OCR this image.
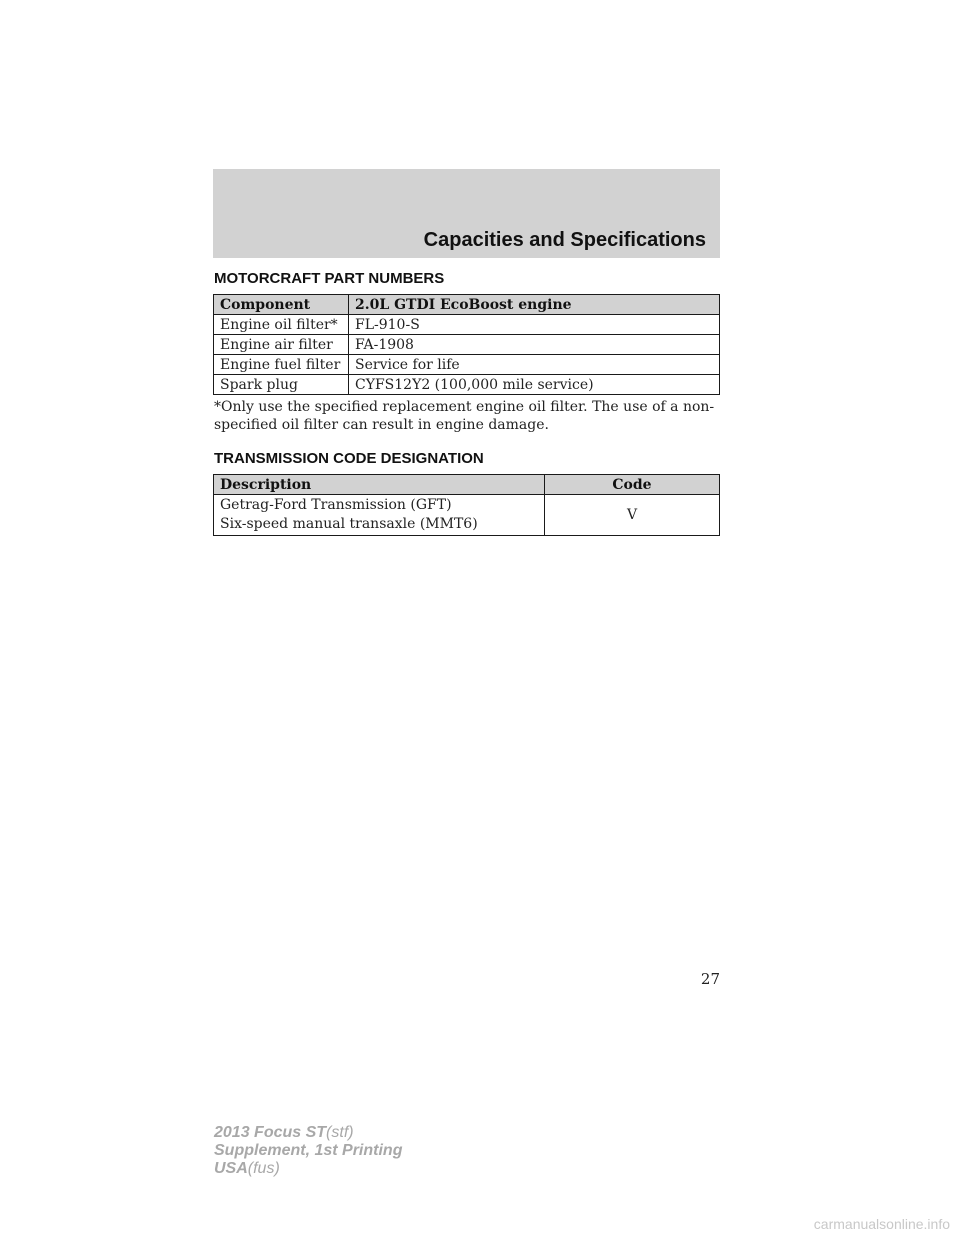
Capacities and Specifications
MOTORCRAFT PART NUMBERS
Component	2.0L GTDI EcoBoost engine
Engine oil filter*	FL-910-S
Engine air filter	FA-1908
Engine fuel filter	Service for life
Spark plug	CYFS12Y2 (100,000 mile service)
*Only use the specified replacement engine oil filter. The use of a non-specified oil filter can result in engine damage.
TRANSMISSION CODE DESIGNATION
Description	Code
Getrag-Ford Transmission (GFT)
Six-speed manual transaxle (MMT6)	V
27
2013 Focus ST(stf)
Supplement, 1st Printing
USA(fus)
carmanualsonline.info
